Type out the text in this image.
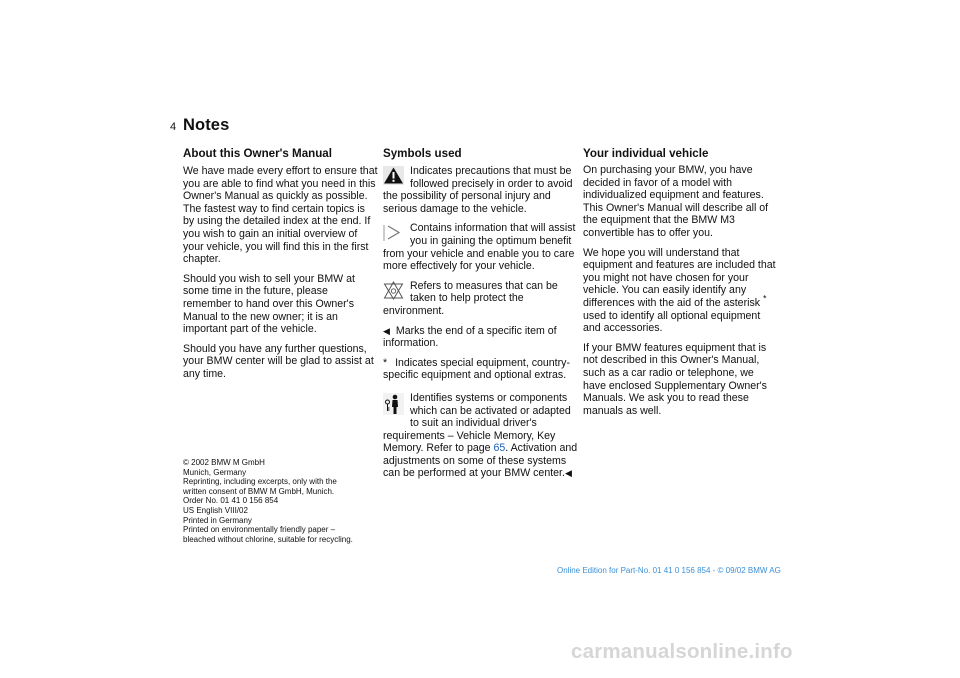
4 Notes
About this Owner's Manual

We have made every effort to ensure that you are able to find what you need in this Owner's Manual as quickly as possible. The fastest way to find certain topics is by using the detailed index at the end. If you wish to gain an initial overview of your vehicle, you will find this in the first chapter.

Should you wish to sell your BMW at some time in the future, please remember to hand over this Owner's Manual to the new owner; it is an important part of the vehicle.

Should you have any further questions, your BMW center will be glad to assist at any time.

© 2002 BMW M GmbH
Munich, Germany
Reprinting, including excerpts, only with the
written consent of BMW M GmbH, Munich.
Order No. 01 41 0 156 854
US English VIII/02
Printed in Germany
Printed on environmentally friendly paper –
bleached without chlorine, suitable for recycling.
Symbols used
Indicates precautions that must be followed precisely in order to avoid the possibility of personal injury and serious damage to the vehicle.
Contains information that will assist you in gaining the optimum benefit from your vehicle and enable you to care more effectively for your vehicle.
Refers to measures that can be taken to help protect the environment.
◀ Marks the end of a specific item of information.
* Indicates special equipment, country-specific equipment and optional extras.
Identifies systems or components which can be activated or adapted to suit an individual driver's requirements – Vehicle Memory, Key Memory. Refer to page 65. Activation and adjustments on some of these systems can be performed at your BMW center.◀
Your individual vehicle

On purchasing your BMW, you have decided in favor of a model with individualized equipment and features. This Owner's Manual will describe all of the equipment that the BMW M3 convertible has to offer you.

We hope you will understand that equipment and features are included that you might not have chosen for your vehicle. You can easily identify any differences with the aid of the asterisk * used to identify all optional equipment and accessories.

If your BMW features equipment that is not described in this Owner's Manual, such as a car radio or telephone, we have enclosed Supplementary Owner's Manuals. We ask you to read these manuals as well.

Online Edition for Part-No. 01 41 0 156 854 - © 09/02 BMW AG
carmanualsonline.info
